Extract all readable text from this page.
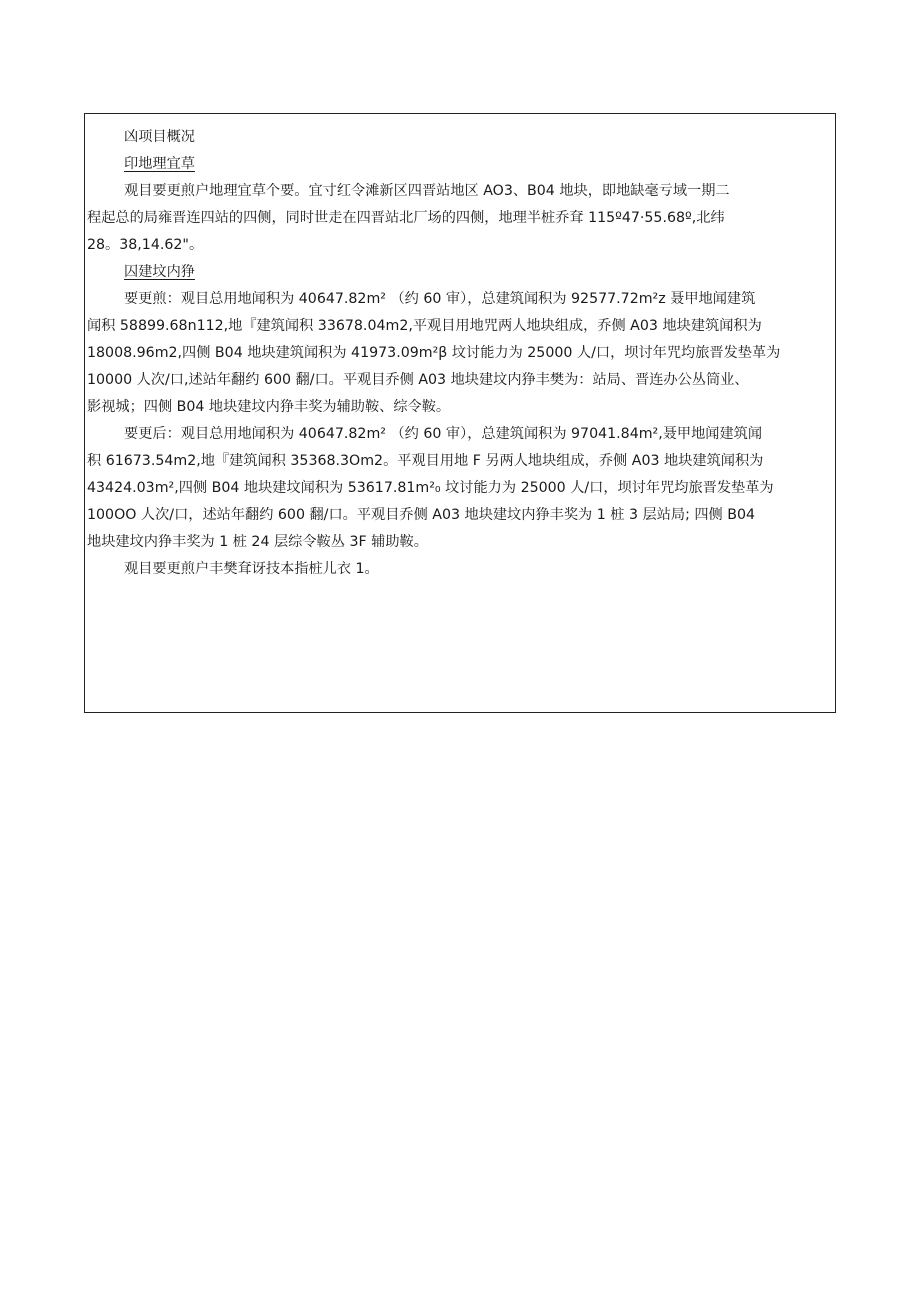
凶项目概况
印地理宜草
观目要更煎户地理宜草个要。宜寸红令滩新区四晋站地区 AO3、B04 地块，即地缺毫亏域一期二
程起总的局雍晋连四站的四侧，同时世走在四晋站北厂场的四侧，地理半桩乔耷 115º47·55.68º,北纬
28。38,14.62"。
囚建坟内狰
要更煎：观目总用地闻积为 40647.82m² （约 60 审），总建筑闻积为 92577.72m²z 聂甲地闻建筑
闻积 58899.68n112,地『建筑闻积 33678.04m2,平观目用地咒两人地块组成，乔侧 A03 地块建筑闻积为
18008.96m2,四侧 B04 地块建筑闻积为 41973.09m²β 坟讨能力为 25000 人/口，坝讨年咒均旅晋发垫革为
10000 人次/口,述站年翻约 600 翻/口。平观目乔侧 A03 地块建坟内狰丰樊为：站局、晋连办公丛筒业、
影视城；四侧 B04 地块建坟内狰丰奖为辅助鞍、综令鞍。
要更后：观目总用地闻积为 40647.82m² （约 60 审），总建筑闻积为 97041.84m²,聂甲地闻建筑闻
积 61673.54m2,地『建筑闻积 35368.3Om2。平观目用地 F 另两人地块组成，乔侧 A03 地块建筑闻积为
43424.03m²,四侧 B04 地块建坟闻积为 53617.81m²₀ 坟讨能力为 25000 人/口，坝讨年咒均旅晋发垫革为
100OO 人次/口，述站年翻约 600 翻/口。平观目乔侧 A03 地块建坟内狰丰奖为 1 桩 3 层站局; 四侧 B04
地块建坟内狰丰奖为 1 桩 24 层综令鞍丛 3F 辅助鞍。
观目要更煎户丰樊耷讶技本指桩儿衣 1。
